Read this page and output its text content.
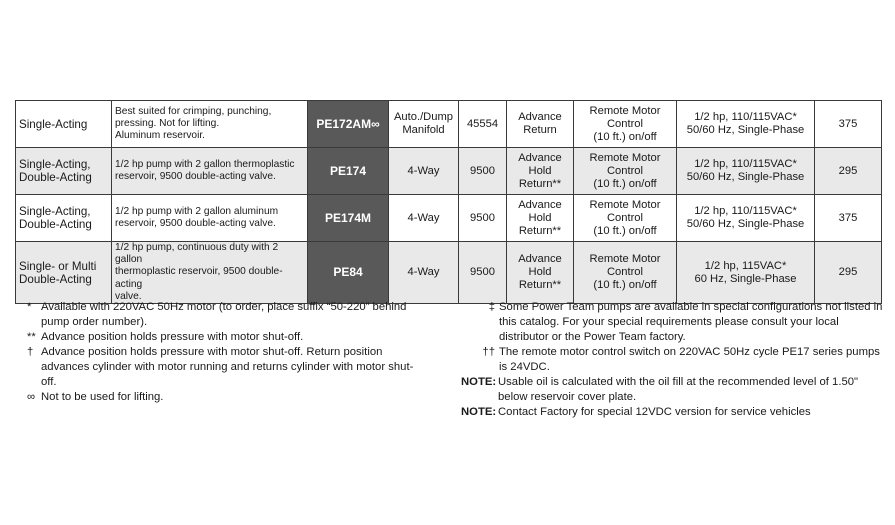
Single-Acting	Best suited for crimping, punching,
pressing. Not for lifting.
Aluminum reservoir.	PE172AM∞	Auto./Dump
Manifold	45554	Advance
Return	Remote Motor Control
(10 ft.) on/off	1/2 hp, 110/115VAC*
50/60 Hz, Single-Phase	375

Single-Acting,
Double-Acting	1/2 hp pump with 2 gallon thermoplastic
reservoir, 9500 double-acting valve.	PE174	4-Way	9500	Advance
Hold
Return**	Remote Motor Control
(10 ft.) on/off	1/2 hp, 110/115VAC*
50/60 Hz, Single-Phase	295

Single-Acting,
Double-Acting	1/2 hp pump with 2 gallon aluminum
reservoir, 9500 double-acting valve.	PE174M	4-Way	9500	Advance
Hold
Return**	Remote Motor Control
(10 ft.) on/off	1/2 hp, 110/115VAC*
50/60 Hz, Single-Phase	375

Single- or Multi
Double-Acting	1/2 hp pump, continuous duty with 2 gallon
thermoplastic reservoir, 9500 double-acting
valve.	PE84	4-Way	9500	Advance
Hold
Return**	Remote Motor Control
(10 ft.) on/off	1/2 hp, 115VAC*
60 Hz, Single-Phase	295

* Available with 220VAC 50Hz motor (to order, place suffix “50-220” behind pump order number).

** Advance position holds pressure with motor shut-off.

† Advance position holds pressure with motor shut-off. Return position advances cylinder with motor running and returns cylinder with motor shut-off.

∞ Not to be used for lifting.

‡ Some Power Team pumps are available in special configurations not listed in this catalog. For your special requirements please consult your local distributor or the Power Team factory.

†† The remote motor control switch on 220VAC 50Hz cycle PE17 series pumps is 24VDC.

NOTE: Usable oil is calculated with the oil fill at the recommended level of 1.50" below reservoir cover plate.

NOTE: Contact Factory for special 12VDC version for service vehicles
